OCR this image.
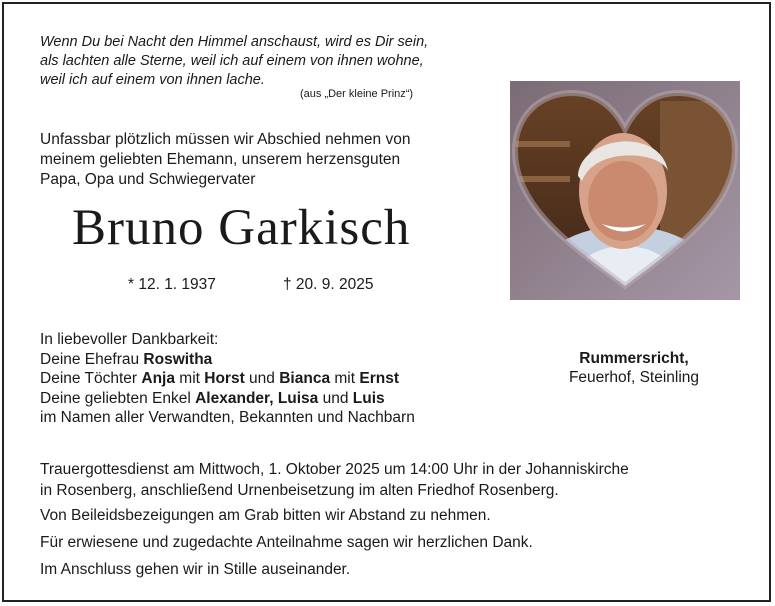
Wenn Du bei Nacht den Himmel anschaust, wird es Dir sein,
als lachten alle Sterne, weil ich auf einem von ihnen wohne,
weil ich auf einem von ihnen lache.
(aus „Der kleine Prinz“)
Unfassbar plötzlich müssen wir Abschied nehmen von
meinem geliebten Ehemann, unserem herzensguten
Papa, Opa und Schwiegervater
Bruno Garkisch
* 12. 1. 1937	† 20. 9. 2025
In liebevoller Dankbarkeit:
Deine Ehefrau Roswitha
Deine Töchter Anja mit Horst und Bianca mit Ernst
Deine geliebten Enkel Alexander, Luisa und Luis
im Namen aller Verwandten, Bekannten und Nachbarn
Rummersricht,
Feuerhof, Steinling
Trauergottesdienst am Mittwoch, 1. Oktober 2025 um 14:00 Uhr in der Johanniskirche
in Rosenberg, anschließend Urnenbeisetzung im alten Friedhof Rosenberg.
Von Beileidsbezeigungen am Grab bitten wir Abstand zu nehmen.
Für erwiesene und zugedachte Anteilnahme sagen wir herzlichen Dank.
Im Anschluss gehen wir in Stille auseinander.
